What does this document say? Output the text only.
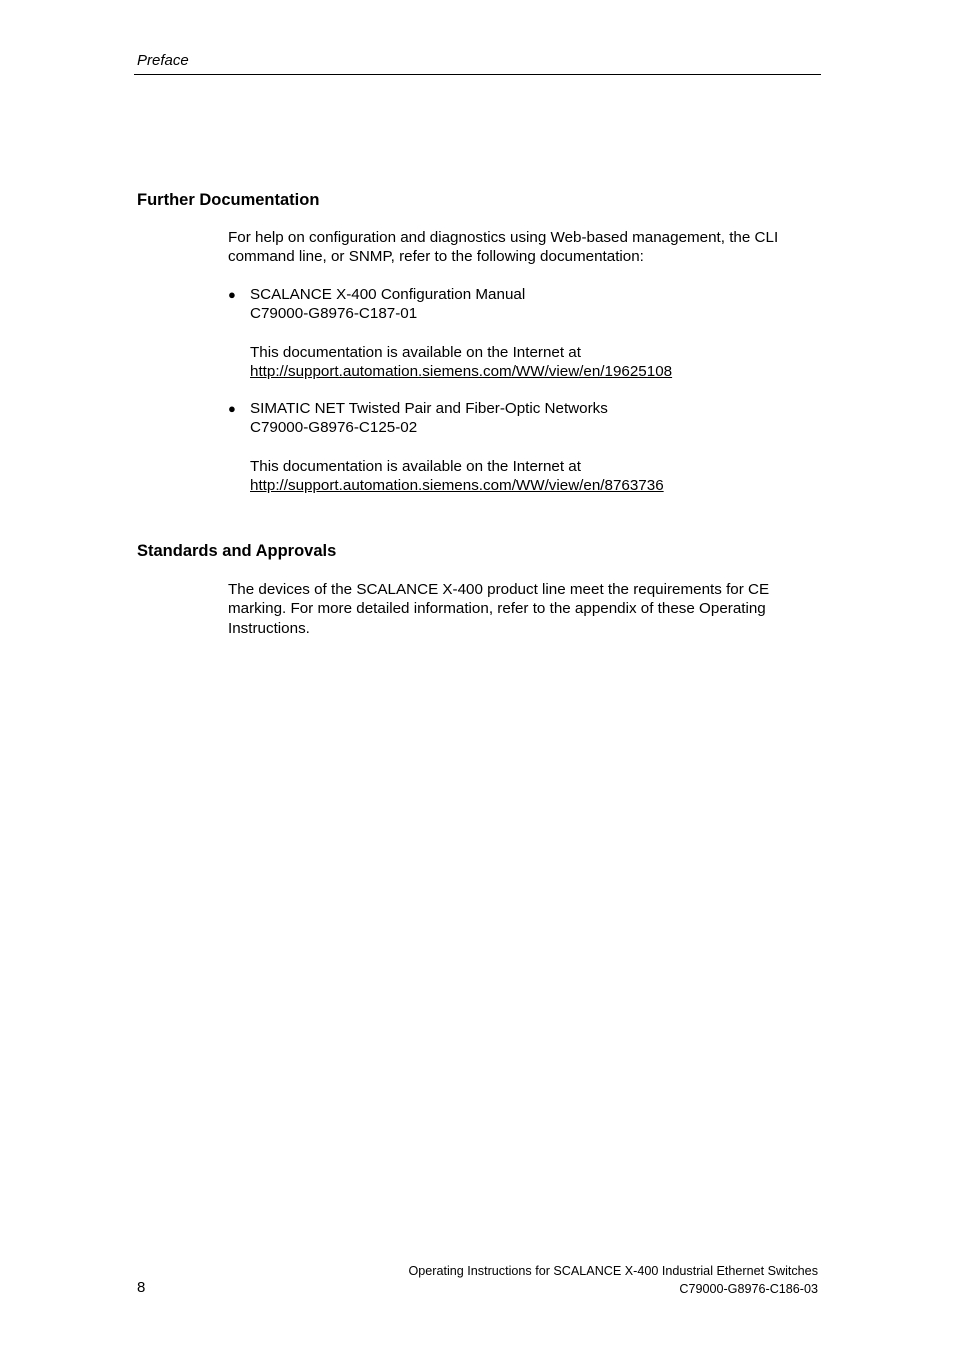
Preface
Further Documentation
For help on configuration and diagnostics using Web-based management, the CLI
command line, or SNMP, refer to the following documentation:
● SCALANCE X-400 Configuration Manual
C79000-G8976-C187-01
This documentation is available on the Internet at
http://support.automation.siemens.com/WW/view/en/19625108
● SIMATIC NET Twisted Pair and Fiber-Optic Networks
C79000-G8976-C125-02
This documentation is available on the Internet at
http://support.automation.siemens.com/WW/view/en/8763736
Standards and Approvals
The devices of the SCALANCE X-400 product line meet the requirements for CE
marking. For more detailed information, refer to the appendix of these Operating
Instructions.
8
Operating Instructions for SCALANCE X-400 Industrial Ethernet Switches
C79000-G8976-C186-03
